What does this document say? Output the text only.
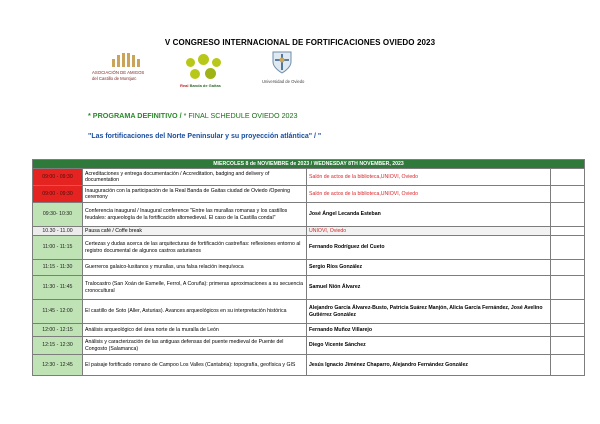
V CONGRESO INTERNACIONAL DE FORTIFICACIONES OVIEDO 2023
ASOCIACIÓN DE AMIGOS
del Castillo de Montjuïc
Real Banda de Gaitas
Universidad de Oviedo
* PROGRAMA DEFINITIVO / * FINAL SCHEDULE OVIEDO 2023
"Las fortificaciones del Norte Peninsular y su proyección atlántica" / "
MIERCOLES 8 de NOVIEMBRE de 2023 / WEDNESDAY 8TH NOVEMBER, 2023			
09:00 - 09:30	Acreditaciones y entrega documentación / Accreditation, badging and delivery of documentation	Salón de actos de la biblioteca,UNIOVI, Oviedo	
09:00 - 09:30	Inauguración con la participación de la Real Banda de Gaitas ciudad de Oviedo /Opening ceremony	Salón de actos de la biblioteca,UNIOVI, Oviedo	
09:30- 10:30	Conferencia inaugural / Inaugural conference "Entre las murallas romanas y los castillos feudales: arqueología de la fortificación altomedieval. El caso de la Castilla condal"	José Ángel Lecanda Esteban	
10.30 - 11.00	Pausa café / Coffe break	UNIOVI, Oviedo	
11:00 - 11:15	Certezas y dudas acerca de las arquitecturas de fortificación castreñas: reflexiones entorno al registro documental de algunos castros asturianos	Fernando Rodríguez del Cueto	
11:15 - 11:30	Guerreros galaico-lusitanos y murallas, una falsa relación inequívoca	Sergio Ríos González	
11:30 - 11:45	Tralocastro (San Xoán de Esmelle, Ferrol, A Coruña): primeras aproximaciones a su secuencia cronocultural	Samuel Nión Álvarez	
11:45 - 12:00	El castillo de Soto (Aller, Asturias). Avances arqueológicos en su interpretación histórica	Alejandro García Álvarez-Busto, Patricia Suárez Manjón, Alicia García Fernández, José Avelino Gutiérrez González	
12:00 - 12:15	Análisis arqueológico del área norte de la muralla de León	Fernando Muñoz Villarejo	
12:15 - 12:30	Análisis y caracterización de las antiguas defensas del puente medieval de Puente del Congosto (Salamanca)	Diego Vicente Sánchez	
12:30 - 12:45	El paisaje fortificado romano de Campoo Los Valles (Cantabria): topografía, geofísica y GIS	Jesús Ignacio Jiménez Chaparro, Alejandro Fernández González	
